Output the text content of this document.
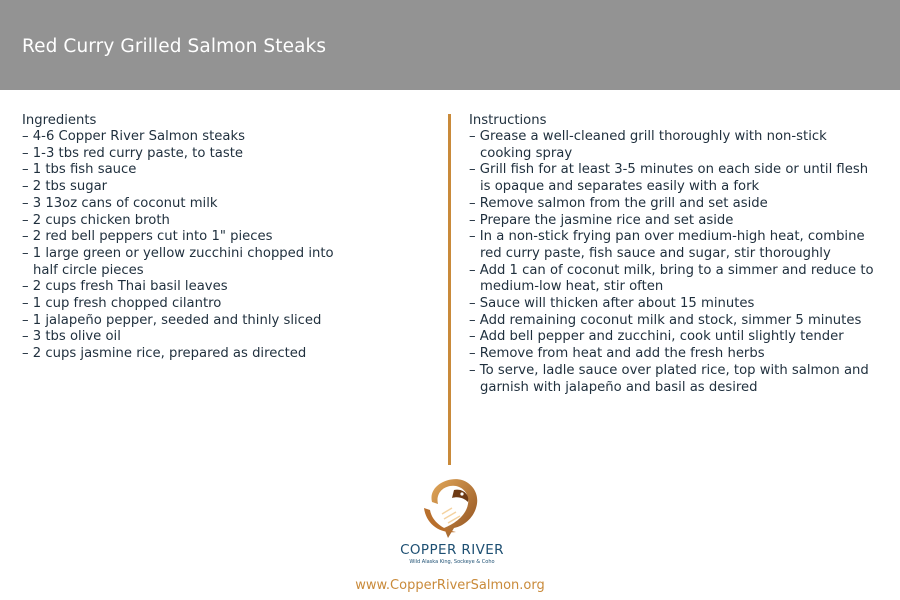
Red Curry Grilled Salmon Steaks
Ingredients
– 4-6 Copper River Salmon steaks
– 1-3 tbs red curry paste, to taste
– 1 tbs fish sauce
– 2 tbs sugar
– 3 13oz cans of coconut milk
– 2 cups chicken broth
– 2 red bell peppers cut into 1" pieces
– 1 large green or yellow zucchini chopped into half circle pieces
– 2 cups fresh Thai basil leaves
– 1 cup fresh chopped cilantro
– 1 jalapeño pepper, seeded and thinly sliced
– 3 tbs olive oil
– 2 cups jasmine rice, prepared as directed
Instructions
– Grease a well-cleaned grill thoroughly with non-stick cooking spray
– Grill fish for at least 3-5 minutes on each side or until flesh is opaque and separates easily with a fork
– Remove salmon from the grill and set aside
– Prepare the jasmine rice and set aside
– In a non-stick frying pan over medium-high heat, combine red curry paste, fish sauce and sugar, stir thoroughly
– Add 1 can of coconut milk, bring to a simmer and reduce to medium-low heat, stir often
– Sauce will thicken after about 15 minutes
– Add remaining coconut milk and stock, simmer 5 minutes
– Add bell pepper and zucchini, cook until slightly tender
– Remove from heat and add the fresh herbs
– To serve, ladle sauce over plated rice, top with salmon and garnish with jalapeño and basil as desired
COPPER RIVER
Wild Alaska King, Sockeye & Coho
www.CopperRiverSalmon.org
